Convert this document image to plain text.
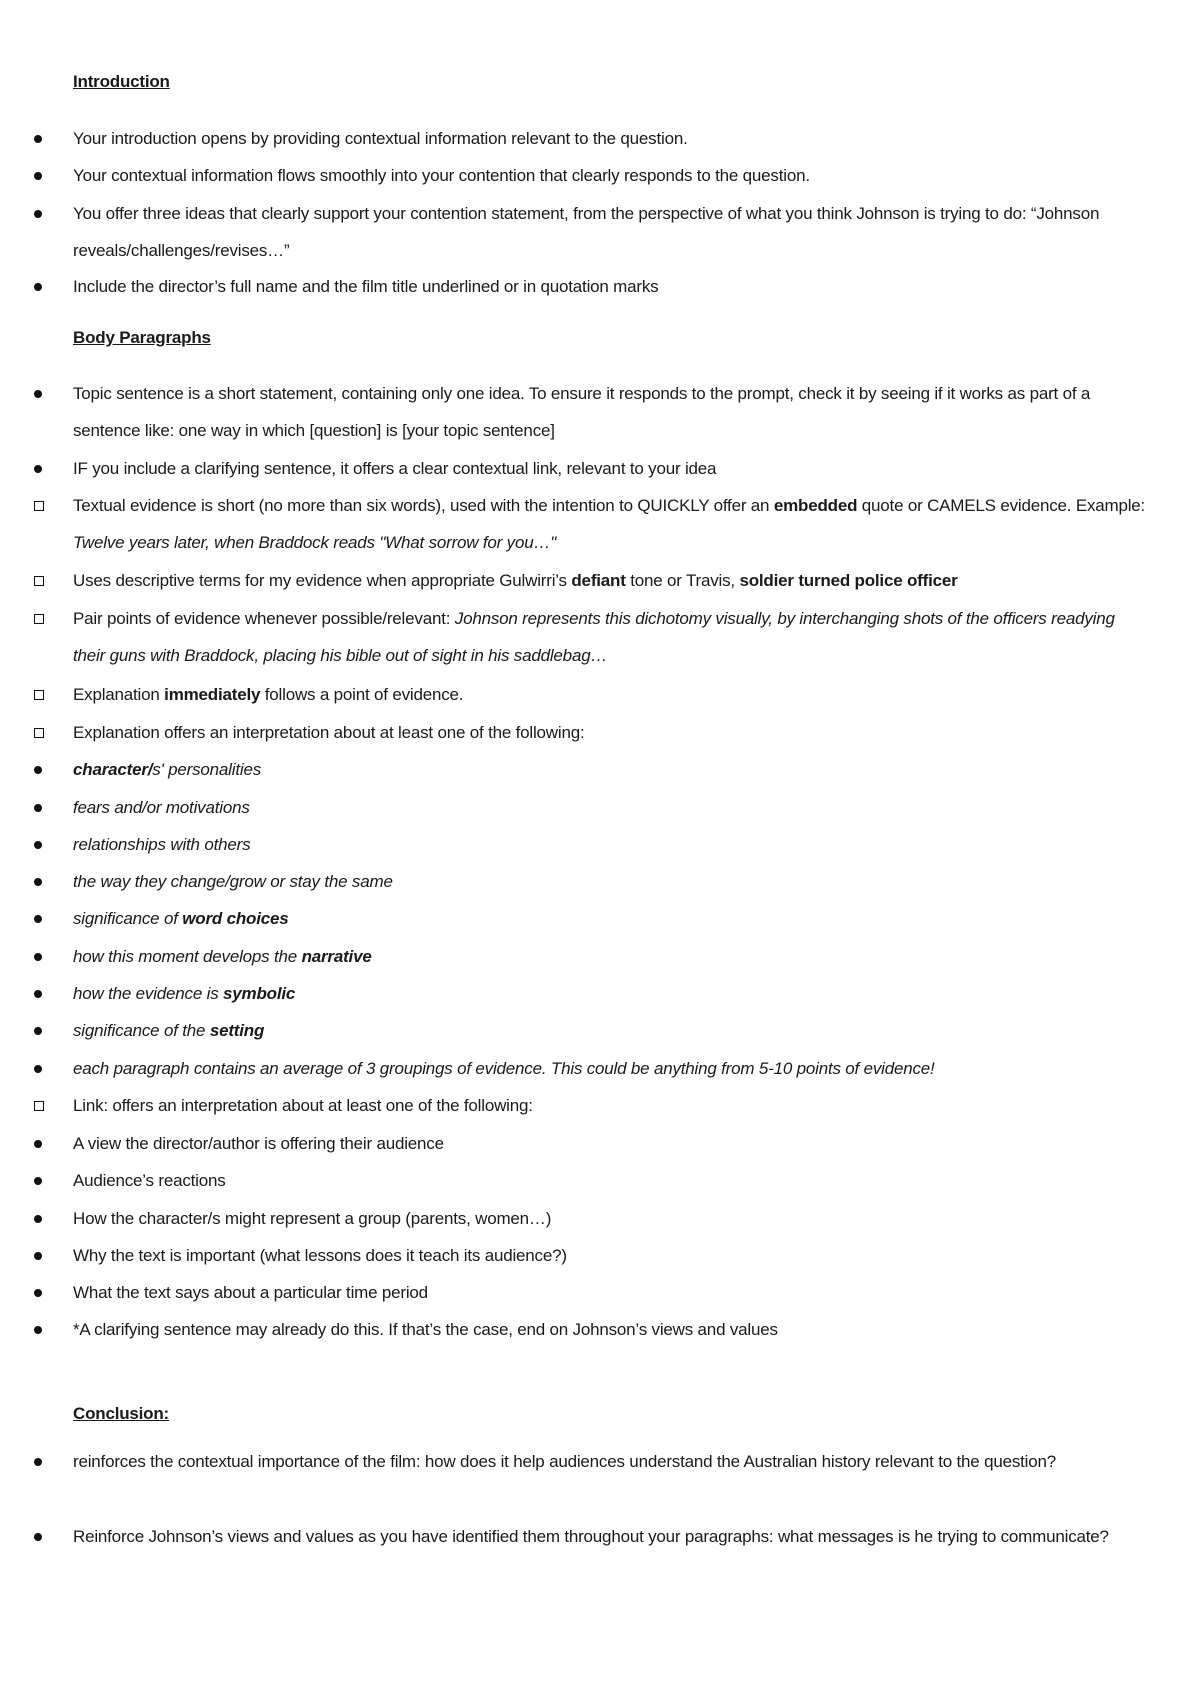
Introduction
Your introduction opens by providing contextual information relevant to the question.
Your contextual information flows smoothly into your contention that clearly responds to the question.
You offer three ideas that clearly support your contention statement, from the perspective of what you think Johnson is trying to do: “Johnson reveals/challenges/revises…”
Include the director’s full name and the film title underlined or in quotation marks
Body Paragraphs
Topic sentence is a short statement, containing only one idea. To ensure it responds to the prompt, check it by seeing if it works as part of a sentence like: one way in which [question] is [your topic sentence]
IF you include a clarifying sentence, it offers a clear contextual link, relevant to your idea
Textual evidence is short (no more than six words), used with the intention to QUICKLY offer an embedded quote or CAMELS evidence. Example: Twelve years later, when Braddock reads "What sorrow for you…"
Uses descriptive terms for my evidence when appropriate Gulwirri’s defiant tone or Travis, soldier turned police officer
Pair points of evidence whenever possible/relevant: Johnson represents this dichotomy visually, by interchanging shots of the officers readying their guns with Braddock, placing his bible out of sight in his saddlebag…
Explanation immediately follows a point of evidence.
Explanation offers an interpretation about at least one of the following:
character/s' personalities
fears and/or motivations
relationships with others
the way they change/grow or stay the same
significance of word choices
how this moment develops the narrative
how the evidence is symbolic
significance of the setting
each paragraph contains an average of 3 groupings of evidence. This could be anything from 5-10 points of evidence!
Link: offers an interpretation about at least one of the following:
A view the director/author is offering their audience
Audience’s reactions
How the character/s might represent a group (parents, women…)
Why the text is important (what lessons does it teach its audience?)
What the text says about a particular time period
*A clarifying sentence may already do this. If that’s the case, end on Johnson’s views and values
Conclusion:
reinforces the contextual importance of the film: how does it help audiences understand the Australian history relevant to the question?
Reinforce Johnson’s views and values as you have identified them throughout your paragraphs: what messages is he trying to communicate?
